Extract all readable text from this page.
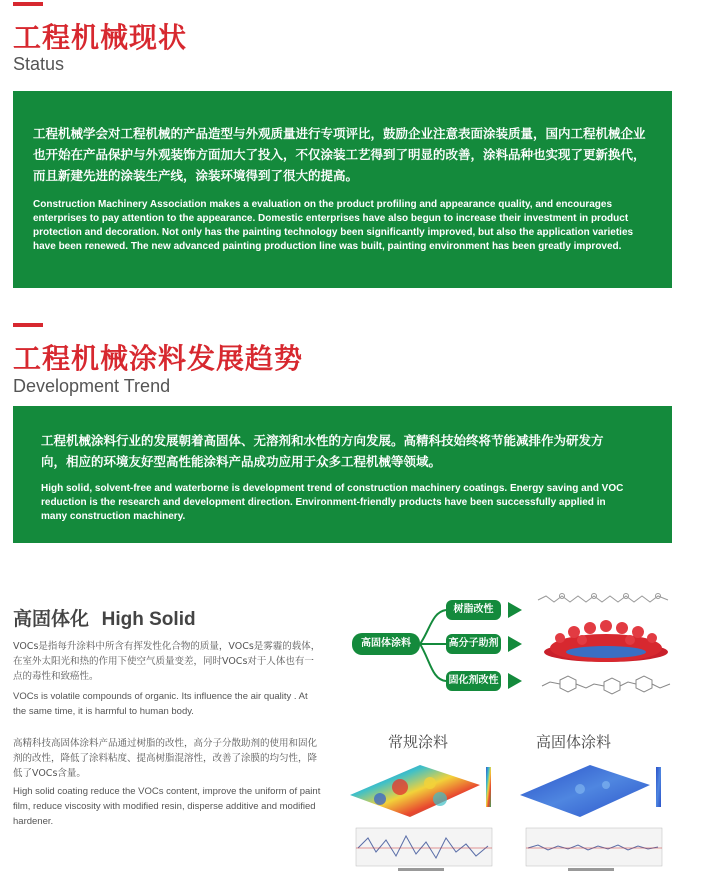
工程机械现状
Status

工程机械学会对工程机械的产品造型与外观质量进行专项评比，鼓励企业注意表面涂装质量，国内工程机械企业也开始在产品保护与外观装饰方面加大了投入，不仅涂装工艺得到了明显的改善，涂料品种也实现了更新换代，而且新建先进的涂装生产线，涂装环境得到了很大的提高。

Construction Machinery Association makes a evaluation on the product profiling and appearance quality, and encourages enterprises to pay attention to the appearance. Domestic enterprises have also begun to increase their investment in product protection and decoration. Not only has the painting technology been significantly improved, but also the application varieties have been renewed. The new advanced painting production line was built, painting environment has been greatly improved.

工程机械涂料发展趋势
Development Trend

工程机械涂料行业的发展朝着高固体、无溶剂和水性的方向发展。高精科技始终将节能减排作为研发方向，相应的环境友好型高性能涂料产品成功应用于众多工程机械等领域。

High solid, solvent-free and waterborne is development trend of construction machinery coatings. Energy saving and VOC reduction is the research and development direction. Environment-friendly products have been successfully applied in many construction machinery.

高固体化 High Solid

VOCs是指每升涂料中所含有挥发性化合物的质量，VOCs是雾霾的载体，在室外太阳光和热的作用下使空气质量变差，同时VOCs对于人体也有一点的毒性和致癌性。

VOCs is volatile compounds of organic. Its influence the air quality . At the same time, it is harmful to human body.

高精科技高固体涂料产品通过树脂的改性，高分子分散助剂的使用和固化剂的改性，降低了涂料粘度、提高树脂混溶性，改善了涂膜的均匀性，降低了VOCs含量。

High solid coating reduce the VOCs content, improve the uniform of paint film, reduce viscosity with modified resin, disperse additive and modified hardener.

高固体涂料
树脂改性
高分子助剂
固化剂改性
常规涂料	高固体涂料
